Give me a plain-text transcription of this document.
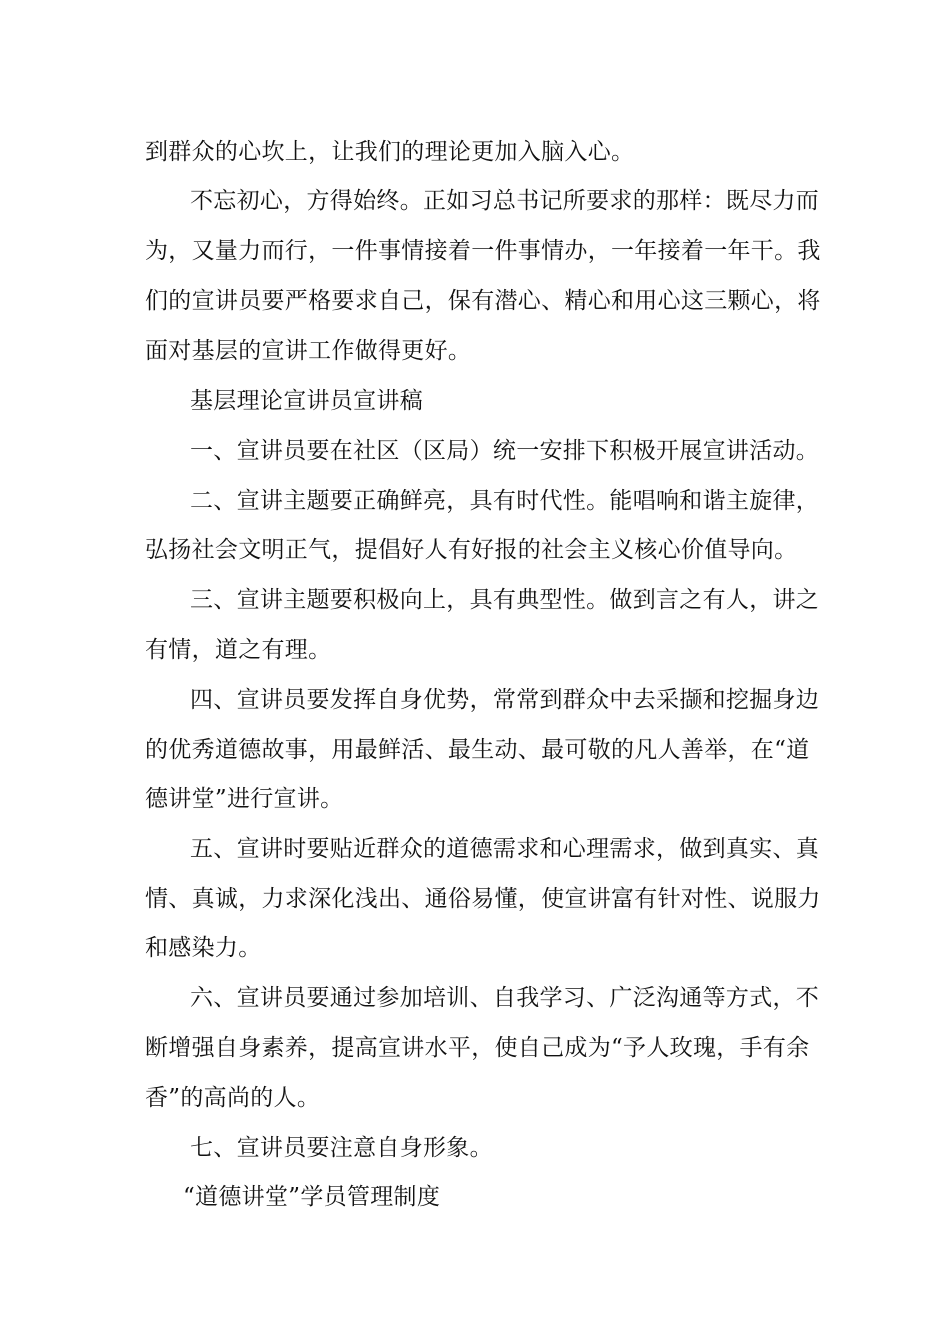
到群众的心坎上，让我们的理论更加入脑入心。
不忘初心，方得始终。正如习总书记所要求的那样：既尽力而
为，又量力而行，一件事情接着一件事情办，一年接着一年干。我
们的宣讲员要严格要求自己，保有潜心、精心和用心这三颗心，将
面对基层的宣讲工作做得更好。
基层理论宣讲员宣讲稿
一、宣讲员要在社区（区局）统一安排下积极开展宣讲活动。
二、宣讲主题要正确鲜亮，具有时代性。能唱响和谐主旋律，
弘扬社会文明正气，提倡好人有好报的社会主义核心价值导向。
三、宣讲主题要积极向上，具有典型性。做到言之有人，讲之
有情，道之有理。
四、宣讲员要发挥自身优势，常常到群众中去采撷和挖掘身边
的优秀道德故事，用最鲜活、最生动、最可敬的凡人善举，在“道
德讲堂”进行宣讲。
五、宣讲时要贴近群众的道德需求和心理需求，做到真实、真
情、真诚，力求深化浅出、通俗易懂，使宣讲富有针对性、说服力
和感染力。
六、宣讲员要通过参加培训、自我学习、广泛沟通等方式，不
断增强自身素养，提高宣讲水平，使自己成为“予人玫瑰，手有余
香”的高尚的人。
七、宣讲员要注意自身形象。
“道德讲堂”学员管理制度
